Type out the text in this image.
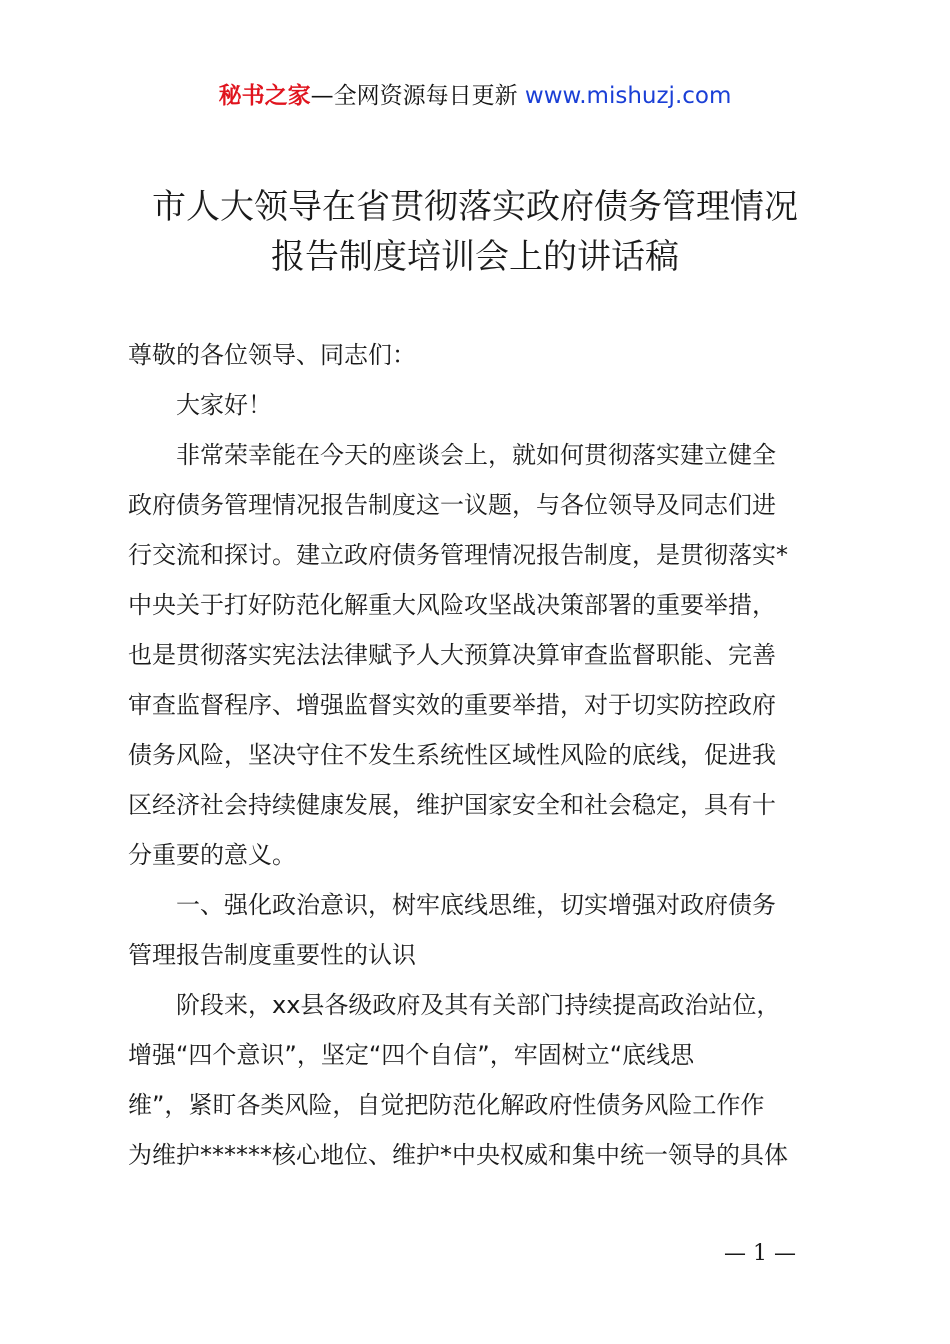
秘书之家—全网资源每日更新 www.mishuzj.com
市人大领导在省贯彻落实政府债务管理情况
报告制度培训会上的讲话稿

尊敬的各位领导、同志们：

大家好！

非常荣幸能在今天的座谈会上，就如何贯彻落实建立健全
政府债务管理情况报告制度这一议题，与各位领导及同志们进
行交流和探讨。建立政府债务管理情况报告制度，是贯彻落实*
中央关于打好防范化解重大风险攻坚战决策部署的重要举措，
也是贯彻落实宪法法律赋予人大预算决算审查监督职能、完善
审查监督程序、增强监督实效的重要举措，对于切实防控政府
债务风险，坚决守住不发生系统性区域性风险的底线，促进我
区经济社会持续健康发展，维护国家安全和社会稳定，具有十
分重要的意义。

一、强化政治意识，树牢底线思维，切实增强对政府债务
管理报告制度重要性的认识

阶段来，xx县各级政府及其有关部门持续提高政治站位，
增强“四个意识”，坚定“四个自信”，牢固树立“底线思
维”，紧盯各类风险，自觉把防范化解政府性债务风险工作作
为维护******核心地位、维护*中央权威和集中统一领导的具体

— 1 —
